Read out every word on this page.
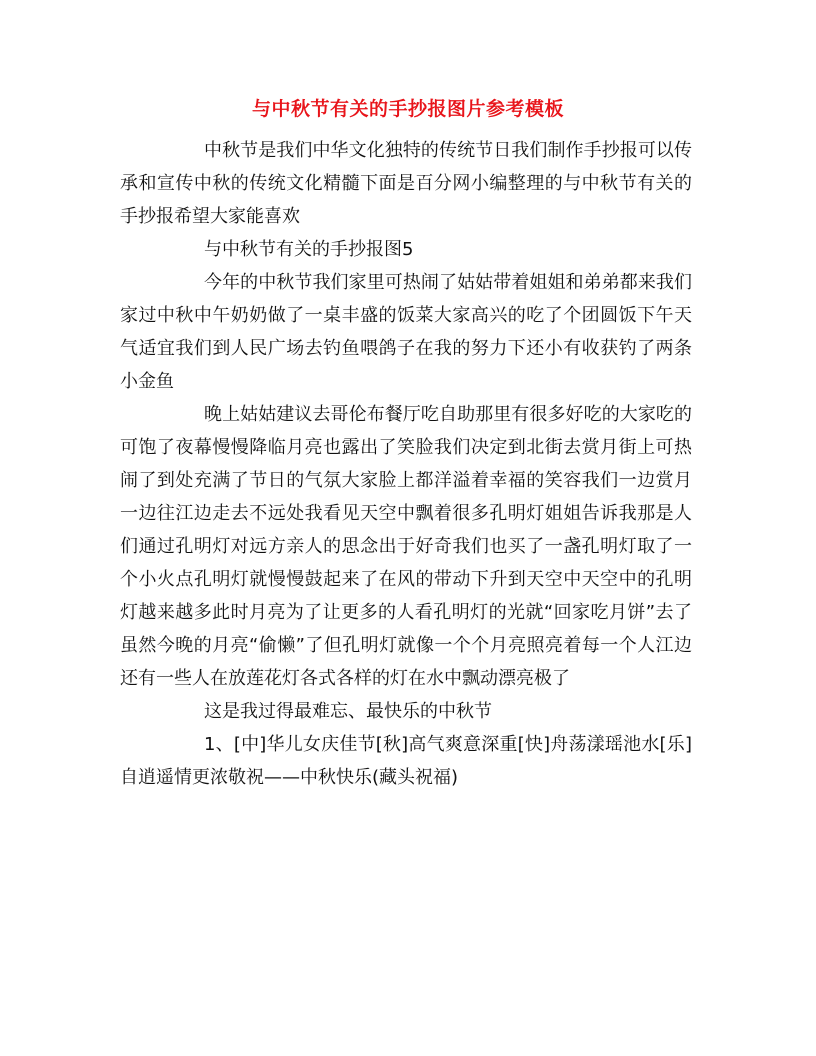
与中秋节有关的手抄报图片参考模板

中秋节是我们中华文化独特的传统节日我们制作手抄报可以传承和宣传中秋的传统文化精髓下面是百分网小编整理的与中秋节有关的手抄报希望大家能喜欢

与中秋节有关的手抄报图5

今年的中秋节我们家里可热闹了姑姑带着姐姐和弟弟都来我们家过中秋中午奶奶做了一桌丰盛的饭菜大家高兴的吃了个团圆饭下午天气适宜我们到人民广场去钓鱼喂鸽子在我的努力下还小有收获钓了两条小金鱼

晚上姑姑建议去哥伦布餐厅吃自助那里有很多好吃的大家吃的可饱了夜幕慢慢降临月亮也露出了笑脸我们决定到北街去赏月街上可热闹了到处充满了节日的气氛大家脸上都洋溢着幸福的笑容我们一边赏月一边往江边走去不远处我看见天空中飘着很多孔明灯姐姐告诉我那是人们通过孔明灯对远方亲人的思念出于好奇我们也买了一盏孔明灯取了一个小火点孔明灯就慢慢鼓起来了在风的带动下升到天空中天空中的孔明灯越来越多此时月亮为了让更多的人看孔明灯的光就“回家吃月饼”去了虽然今晚的月亮“偷懒”了但孔明灯就像一个个月亮照亮着每一个人江边还有一些人在放莲花灯各式各样的灯在水中飘动漂亮极了

这是我过得最难忘、最快乐的中秋节

1、[中]华儿女庆佳节[秋]高气爽意深重[快]舟荡漾瑶池水[乐]自逍遥情更浓敬祝——中秋快乐(藏头祝福)
